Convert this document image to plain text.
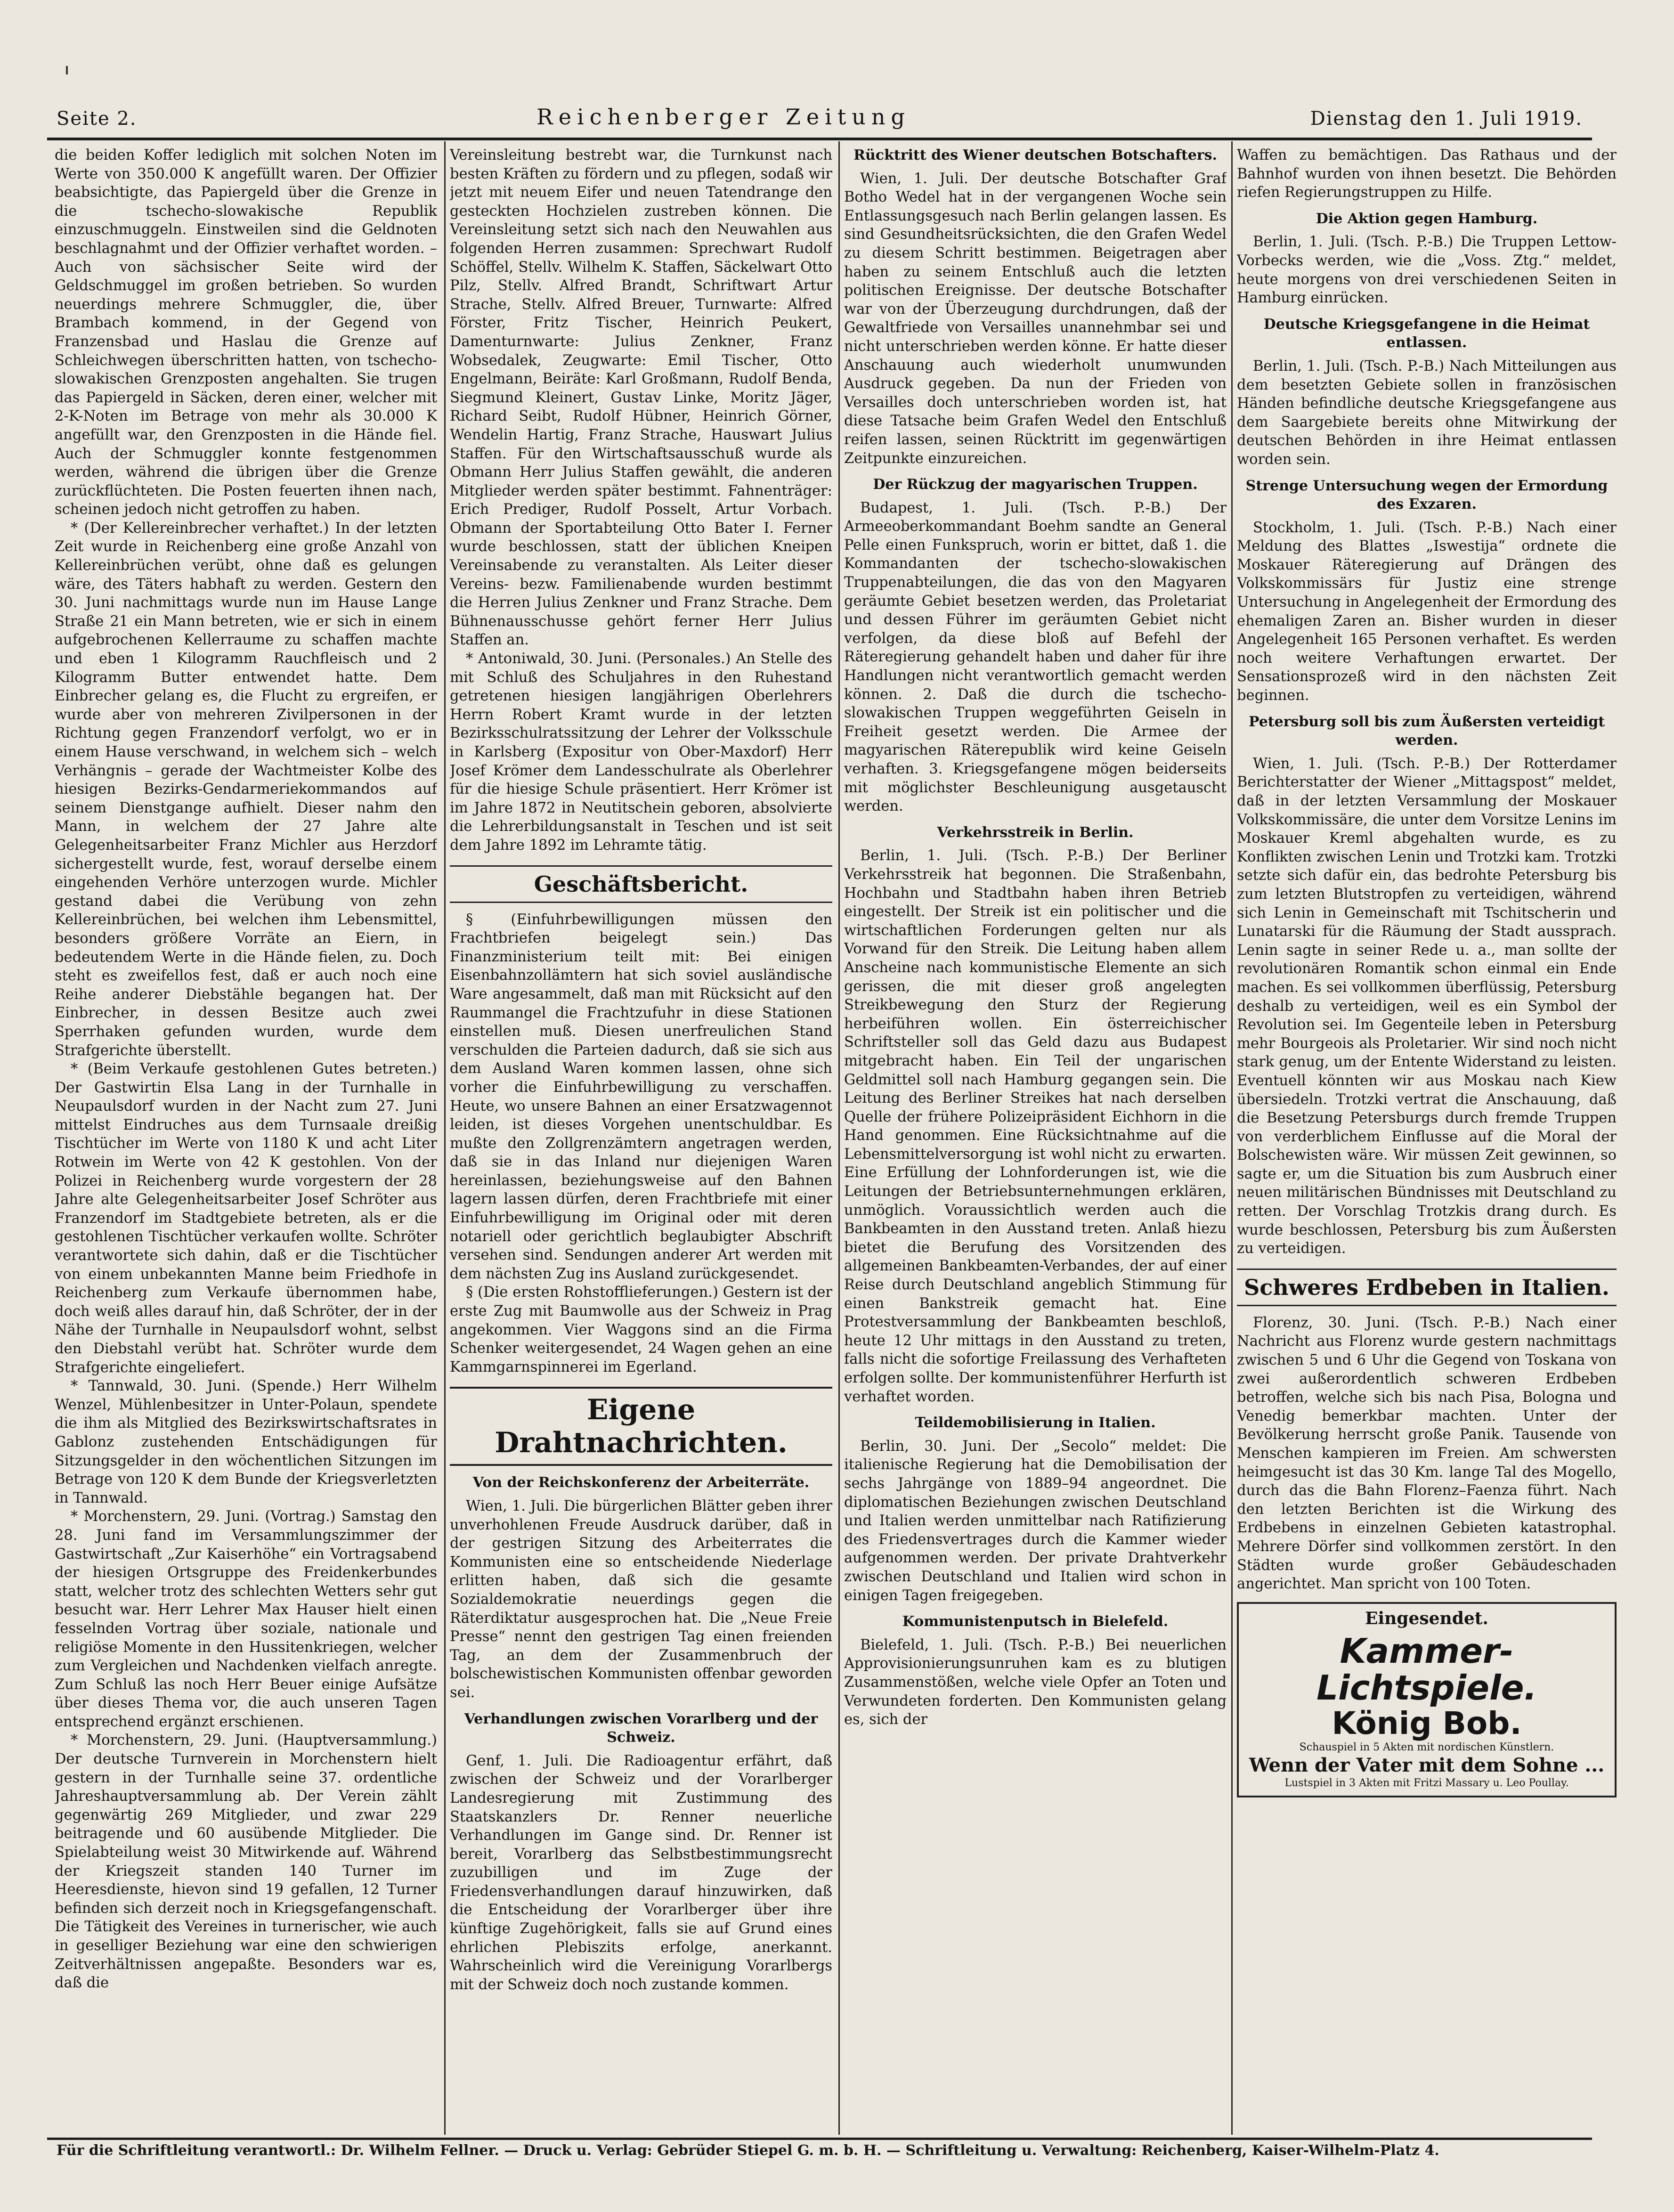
Seite 2.	Reichenberger Zeitung	Dienstag den 1. Juli 1919.

die beiden Koffer lediglich mit solchen Noten im Werte von 350.000 K angefüllt waren. Der Offizier beabsichtigte, das Papiergeld über die Grenze in die tschecho-slowakische Republik einzuschmuggeln. Einstweilen sind die Geldnoten beschlagnahmt und der Offizier verhaftet worden. – Auch von sächsischer Seite wird der Geldschmuggel im großen betrieben. So wurden neuerdings mehrere Schmuggler, die, über Brambach kommend, in der Gegend von Franzensbad und Haslau die Grenze auf Schleichwegen überschritten hatten, von tschecho-slowakischen Grenzposten angehalten. Sie trugen das Papiergeld in Säcken, deren einer, welcher mit 2-K-Noten im Betrage von mehr als 30.000 K angefüllt war, den Grenzposten in die Hände fiel. Auch der Schmuggler konnte festgenommen werden, während die übrigen über die Grenze zurückflüchteten. Die Posten feuerten ihnen nach, scheinen jedoch nicht getroffen zu haben.

* (Der Kellereinbrecher verhaftet.) In der letzten Zeit wurde in Reichenberg eine große Anzahl von Kellereinbrüchen verübt, ohne daß es gelungen wäre, des Täters habhaft zu werden. Gestern den 30. Juni nachmittags wurde nun im Hause Lange Straße 21 ein Mann betreten, wie er sich in einem aufgebrochenen Kellerraume zu schaffen machte und eben 1 Kilogramm Rauchfleisch und 2 Kilogramm Butter entwendet hatte. Dem Einbrecher gelang es, die Flucht zu ergreifen, er wurde aber von mehreren Zivilpersonen in der Richtung gegen Franzendorf verfolgt, wo er in einem Hause verschwand, in welchem sich – welch Verhängnis – gerade der Wachtmeister Kolbe des hiesigen Bezirks-Gendarmeriekommandos auf seinem Dienstgange aufhielt. Dieser nahm den Mann, in welchem der 27 Jahre alte Gelegenheitsarbeiter Franz Michler aus Herzdorf sichergestellt wurde, fest, worauf derselbe einem eingehenden Verhöre unterzogen wurde. Michler gestand dabei die Verübung von zehn Kellereinbrüchen, bei welchen ihm Lebensmittel, besonders größere Vorräte an Eiern, in bedeutendem Werte in die Hände fielen, zu. Doch steht es zweifellos fest, daß er auch noch eine Reihe anderer Diebstähle begangen hat. Der Einbrecher, in dessen Besitze auch zwei Sperrhaken gefunden wurden, wurde dem Strafgerichte überstellt.

* (Beim Verkaufe gestohlenen Gutes betreten.) Der Gastwirtin Elsa Lang in der Turnhalle in Neupaulsdorf wurden in der Nacht zum 27. Juni mittelst Eindruches aus dem Turnsaale dreißig Tischtücher im Werte von 1180 K und acht Liter Rotwein im Werte von 42 K gestohlen. Von der Polizei in Reichenberg wurde vorgestern der 28 Jahre alte Gelegenheitsarbeiter Josef Schröter aus Franzendorf im Stadtgebiete betreten, als er die gestohlenen Tischtücher verkaufen wollte. Schröter verantwortete sich dahin, daß er die Tischtücher von einem unbekannten Manne beim Friedhofe in Reichenberg zum Verkaufe übernommen habe, doch weiß alles darauf hin, daß Schröter, der in der Nähe der Turnhalle in Neupaulsdorf wohnt, selbst den Diebstahl verübt hat. Schröter wurde dem Strafgerichte eingeliefert.

* Tannwald, 30. Juni. (Spende.) Herr Wilhelm Wenzel, Mühlenbesitzer in Unter-Polaun, spendete die ihm als Mitglied des Bezirkswirtschaftsrates in Gablonz zustehenden Entschädigungen für Sitzungsgelder in den wöchentlichen Sitzungen im Betrage von 120 K dem Bunde der Kriegsverletzten in Tannwald.

* Morchenstern, 29. Juni. (Vortrag.) Samstag den 28. Juni fand im Versammlungszimmer der Gastwirtschaft „Zur Kaiserhöhe“ ein Vortragsabend der hiesigen Ortsgruppe des Freidenkerbundes statt, welcher trotz des schlechten Wetters sehr gut besucht war. Herr Lehrer Max Hauser hielt einen fesselnden Vortrag über soziale, nationale und religiöse Momente in den Hussitenkriegen, welcher zum Vergleichen und Nachdenken vielfach anregte. Zum Schluß las noch Herr Beuer einige Aufsätze über dieses Thema vor, die auch unseren Tagen entsprechend ergänzt erschienen.

* Morchenstern, 29. Juni. (Hauptversammlung.) Der deutsche Turnverein in Morchenstern hielt gestern in der Turnhalle seine 37. ordentliche Jahreshauptversammlung ab. Der Verein zählt gegenwärtig 269 Mitglieder, und zwar 229 beitragende und 60 ausübende Mitglieder. Die Spielabteilung weist 30 Mitwirkende auf. Während der Kriegszeit standen 140 Turner im Heeresdienste, hievon sind 19 gefallen, 12 Turner befinden sich derzeit noch in Kriegsgefangenschaft. Die Tätigkeit des Vereines in turnerischer, wie auch in geselliger Beziehung war eine den schwierigen Zeitverhältnissen angepaßte. Besonders war es, daß die

Vereinsleitung bestrebt war, die Turnkunst nach besten Kräften zu fördern und zu pflegen, sodaß wir jetzt mit neuem Eifer und neuen Tatendrange den gesteckten Hochzielen zustreben können. Die Vereinsleitung setzt sich nach den Neuwahlen aus folgenden Herren zusammen: Sprechwart Rudolf Schöffel, Stellv. Wilhelm K. Staffen, Säckelwart Otto Pilz, Stellv. Alfred Brandt, Schriftwart Artur Strache, Stellv. Alfred Breuer, Turnwarte: Alfred Förster, Fritz Tischer, Heinrich Peukert, Damenturnwarte: Julius Zenkner, Franz Wobsedalek, Zeugwarte: Emil Tischer, Otto Engelmann, Beiräte: Karl Großmann, Rudolf Benda, Siegmund Kleinert, Gustav Linke, Moritz Jäger, Richard Seibt, Rudolf Hübner, Heinrich Görner, Wendelin Hartig, Franz Strache, Hauswart Julius Staffen. Für den Wirtschaftsausschuß wurde als Obmann Herr Julius Staffen gewählt, die anderen Mitglieder werden später bestimmt. Fahnenträger: Erich Prediger, Rudolf Posselt, Artur Vorbach. Obmann der Sportabteilung Otto Bater I. Ferner wurde beschlossen, statt der üblichen Kneipen Vereinsabende zu veranstalten. Als Leiter dieser Vereins- bezw. Familienabende wurden bestimmt die Herren Julius Zenkner und Franz Strache. Dem Bühnenausschusse gehört ferner Herr Julius Staffen an.

* Antoniwald, 30. Juni. (Personales.) An Stelle des mit Schluß des Schuljahres in den Ruhestand getretenen hiesigen langjährigen Oberlehrers Herrn Robert Kramt wurde in der letzten Bezirksschulratssitzung der Lehrer der Volksschule in Karlsberg (Expositur von Ober-Maxdorf) Herr Josef Krömer dem Landesschulrate als Oberlehrer für die hiesige Schule präsentiert. Herr Krömer ist im Jahre 1872 in Neutitschein geboren, absolvierte die Lehrerbildungsanstalt in Teschen und ist seit dem Jahre 1892 im Lehramte tätig.

Geschäftsbericht.

§ (Einfuhrbewilligungen müssen den Frachtbriefen beigelegt sein.) Das Finanzministerium teilt mit: Bei einigen Eisenbahnzollämtern hat sich soviel ausländische Ware angesammelt, daß man mit Rücksicht auf den Raummangel die Frachtzufuhr in diese Stationen einstellen muß. Diesen unerfreulichen Stand verschulden die Parteien dadurch, daß sie sich aus dem Ausland Waren kommen lassen, ohne sich vorher die Einfuhrbewilligung zu verschaffen. Heute, wo unsere Bahnen an einer Ersatzwagennot leiden, ist dieses Vorgehen unentschuldbar. Es mußte den Zollgrenzämtern angetragen werden, daß sie in das Inland nur diejenigen Waren hereinlassen, beziehungsweise auf den Bahnen lagern lassen dürfen, deren Frachtbriefe mit einer Einfuhrbewilligung im Original oder mit deren notariell oder gerichtlich beglaubigter Abschrift versehen sind. Sendungen anderer Art werden mit dem nächsten Zug ins Ausland zurückgesendet.

§ (Die ersten Rohstofflieferungen.) Gestern ist der erste Zug mit Baumwolle aus der Schweiz in Prag angekommen. Vier Waggons sind an die Firma Schenker weitergesendet, 24 Wagen gehen an eine Kammgarnspinnerei im Egerland.

Eigene Drahtnachrichten.
Von der Reichskonferenz der Arbeiterräte.

Wien, 1. Juli. Die bürgerlichen Blätter geben ihrer unverhohlenen Freude Ausdruck darüber, daß in der gestrigen Sitzung des Arbeiterrates die Kommunisten eine so entscheidende Niederlage erlitten haben, daß sich die gesamte Sozialdemokratie neuerdings gegen die Räterdiktatur ausgesprochen hat. Die „Neue Freie Presse“ nennt den gestrigen Tag einen freienden Tag, an dem der Zusammenbruch der bolschewistischen Kommunisten offenbar geworden sei.

Verhandlungen zwischen Vorarlberg und der Schweiz.

Genf, 1. Juli. Die Radioagentur erfährt, daß zwischen der Schweiz und der Vorarlberger Landesregierung mit Zustimmung des Staatskanzlers Dr. Renner neuerliche Verhandlungen im Gange sind. Dr. Renner ist bereit, Vorarlberg das Selbstbestimmungsrecht zuzubilligen und im Zuge der Friedensverhandlungen darauf hinzuwirken, daß die Entscheidung der Vorarlberger über ihre künftige Zugehörigkeit, falls sie auf Grund eines ehrlichen Plebiszits erfolge, anerkannt. Wahrscheinlich wird die Vereinigung Vorarlbergs mit der Schweiz doch noch zustande kommen.

Rücktritt des Wiener deutschen Botschafters.

Wien, 1. Juli. Der deutsche Botschafter Graf Botho Wedel hat in der vergangenen Woche sein Entlassungsgesuch nach Berlin gelangen lassen. Es sind Gesundheitsrücksichten, die den Grafen Wedel zu diesem Schritt bestimmen. Beigetragen aber haben zu seinem Entschluß auch die letzten politischen Ereignisse. Der deutsche Botschafter war von der Überzeugung durchdrungen, daß der Gewaltfriede von Versailles unannehmbar sei und nicht unterschrieben werden könne. Er hatte dieser Anschauung auch wiederholt unumwunden Ausdruck gegeben. Da nun der Frieden von Versailles doch unterschrieben worden ist, hat diese Tatsache beim Grafen Wedel den Entschluß reifen lassen, seinen Rücktritt im gegenwärtigen Zeitpunkte einzureichen.

Der Rückzug der magyarischen Truppen.

Budapest, 1. Juli. (Tsch. P.-B.) Der Armeeoberkommandant Boehm sandte an General Pelle einen Funkspruch, worin er bittet, daß 1. die Kommandanten der tschecho-slowakischen Truppenabteilungen, die das von den Magyaren geräumte Gebiet besetzen werden, das Proletariat und dessen Führer im geräumten Gebiet nicht verfolgen, da diese bloß auf Befehl der Räteregierung gehandelt haben und daher für ihre Handlungen nicht verantwortlich gemacht werden können. 2. Daß die durch die tschecho-slowakischen Truppen weggeführten Geiseln in Freiheit gesetzt werden. Die Armee der magyarischen Räterepublik wird keine Geiseln verhaften. 3. Kriegsgefangene mögen beiderseits mit möglichster Beschleunigung ausgetauscht werden.

Verkehrsstreik in Berlin.

Berlin, 1. Juli. (Tsch. P.-B.) Der Berliner Verkehrsstreik hat begonnen. Die Straßenbahn, Hochbahn und Stadtbahn haben ihren Betrieb eingestellt. Der Streik ist ein politischer und die wirtschaftlichen Forderungen gelten nur als Vorwand für den Streik. Die Leitung haben allem Anscheine nach kommunistische Elemente an sich gerissen, die mit dieser groß angelegten Streikbewegung den Sturz der Regierung herbeiführen wollen. Ein österreichischer Schriftsteller soll das Geld dazu aus Budapest mitgebracht haben. Ein Teil der ungarischen Geldmittel soll nach Hamburg gegangen sein. Die Leitung des Berliner Streikes hat nach derselben Quelle der frühere Polizeipräsident Eichhorn in die Hand genommen. Eine Rücksichtnahme auf die Lebensmittelversorgung ist wohl nicht zu erwarten. Eine Erfüllung der Lohnforderungen ist, wie die Leitungen der Betriebsunternehmungen erklären, unmöglich. Voraussichtlich werden auch die Bankbeamten in den Ausstand treten. Anlaß hiezu bietet die Berufung des Vorsitzenden des allgemeinen Bankbeamten-Verbandes, der auf einer Reise durch Deutschland angeblich Stimmung für einen Bankstreik gemacht hat. Eine Protestversammlung der Bankbeamten beschloß, heute 12 Uhr mittags in den Ausstand zu treten, falls nicht die sofortige Freilassung des Verhafteten erfolgen sollte. Der kommunistenführer Herfurth ist verhaftet worden.

Teildemobilisierung in Italien.

Berlin, 30. Juni. Der „Secolo“ meldet: Die italienische Regierung hat die Demobilisation der sechs Jahrgänge von 1889–94 angeordnet. Die diplomatischen Beziehungen zwischen Deutschland und Italien werden unmittelbar nach Ratifizierung des Friedensvertrages durch die Kammer wieder aufgenommen werden. Der private Drahtverkehr zwischen Deutschland und Italien wird schon in einigen Tagen freigegeben.

Kommunistenputsch in Bielefeld.

Bielefeld, 1. Juli. (Tsch. P.-B.) Bei neuerlichen Approvisionierungsunruhen kam es zu blutigen Zusammenstößen, welche viele Opfer an Toten und Verwundeten forderten. Den Kommunisten gelang es, sich der

Waffen zu bemächtigen. Das Rathaus und der Bahnhof wurden von ihnen besetzt. Die Behörden riefen Regierungstruppen zu Hilfe.

Die Aktion gegen Hamburg.

Berlin, 1. Juli. (Tsch. P.-B.) Die Truppen Lettow-Vorbecks werden, wie die „Voss. Ztg.“ meldet, heute morgens von drei verschiedenen Seiten in Hamburg einrücken.

Deutsche Kriegsgefangene in die Heimat entlassen.

Berlin, 1. Juli. (Tsch. P.-B.) Nach Mitteilungen aus dem besetzten Gebiete sollen in französischen Händen befindliche deutsche Kriegsgefangene aus dem Saargebiete bereits ohne Mitwirkung der deutschen Behörden in ihre Heimat entlassen worden sein.

Strenge Untersuchung wegen der Ermordung des Exzaren.

Stockholm, 1. Juli. (Tsch. P.-B.) Nach einer Meldung des Blattes „Iswestija“ ordnete die Moskauer Räteregierung auf Drängen des Volkskommissärs für Justiz eine strenge Untersuchung in Angelegenheit der Ermordung des ehemaligen Zaren an. Bisher wurden in dieser Angelegenheit 165 Personen verhaftet. Es werden noch weitere Verhaftungen erwartet. Der Sensationsprozeß wird in den nächsten Zeit beginnen.

Petersburg soll bis zum Äußersten verteidigt werden.

Wien, 1. Juli. (Tsch. P.-B.) Der Rotterdamer Berichterstatter der Wiener „Mittagspost“ meldet, daß in der letzten Versammlung der Moskauer Volkskommissäre, die unter dem Vorsitze Lenins im Moskauer Kreml abgehalten wurde, es zu Konflikten zwischen Lenin und Trotzki kam. Trotzki setzte sich dafür ein, das bedrohte Petersburg bis zum letzten Blutstropfen zu verteidigen, während sich Lenin in Gemeinschaft mit Tschitscherin und Lunatarski für die Räumung der Stadt aussprach. Lenin sagte in seiner Rede u. a., man sollte der revolutionären Romantik schon einmal ein Ende machen. Es sei vollkommen überflüssig, Petersburg deshalb zu verteidigen, weil es ein Symbol der Revolution sei. Im Gegenteile leben in Petersburg mehr Bourgeois als Proletarier. Wir sind noch nicht stark genug, um der Entente Widerstand zu leisten. Eventuell könnten wir aus Moskau nach Kiew übersiedeln. Trotzki vertrat die Anschauung, daß die Besetzung Petersburgs durch fremde Truppen von verderblichem Einflusse auf die Moral der Bolschewisten wäre. Wir müssen Zeit gewinnen, so sagte er, um die Situation bis zum Ausbruch einer neuen militärischen Bündnisses mit Deutschland zu retten. Der Vorschlag Trotzkis drang durch. Es wurde beschlossen, Petersburg bis zum Äußersten zu verteidigen.

Schweres Erdbeben in Italien.

Florenz, 30. Juni. (Tsch. P.-B.) Nach einer Nachricht aus Florenz wurde gestern nachmittags zwischen 5 und 6 Uhr die Gegend von Toskana von zwei außerordentlich schweren Erdbeben betroffen, welche sich bis nach Pisa, Bologna und Venedig bemerkbar machten. Unter der Bevölkerung herrscht große Panik. Tausende von Menschen kampieren im Freien. Am schwersten heimgesucht ist das 30 Km. lange Tal des Mogello, durch das die Bahn Florenz–Faenza führt. Nach den letzten Berichten ist die Wirkung des Erdbebens in einzelnen Gebieten katastrophal. Mehrere Dörfer sind vollkommen zerstört. In den Städten wurde großer Gebäudeschaden angerichtet. Man spricht von 100 Toten.

Eingesendet.
Kammer-Lichtspiele.
König Bob.
Schauspiel in 5 Akten mit nordischen Künstlern.
Wenn der Vater mit dem Sohne ...
Lustspiel in 3 Akten mit Fritzi Massary u. Leo Poullay.
Für die Schriftleitung verantwortl.: Dr. Wilhelm Fellner. — Druck u. Verlag: Gebrüder Stiepel G. m. b. H. — Schriftleitung u. Verwaltung: Reichenberg, Kaiser-Wilhelm-Platz 4.
